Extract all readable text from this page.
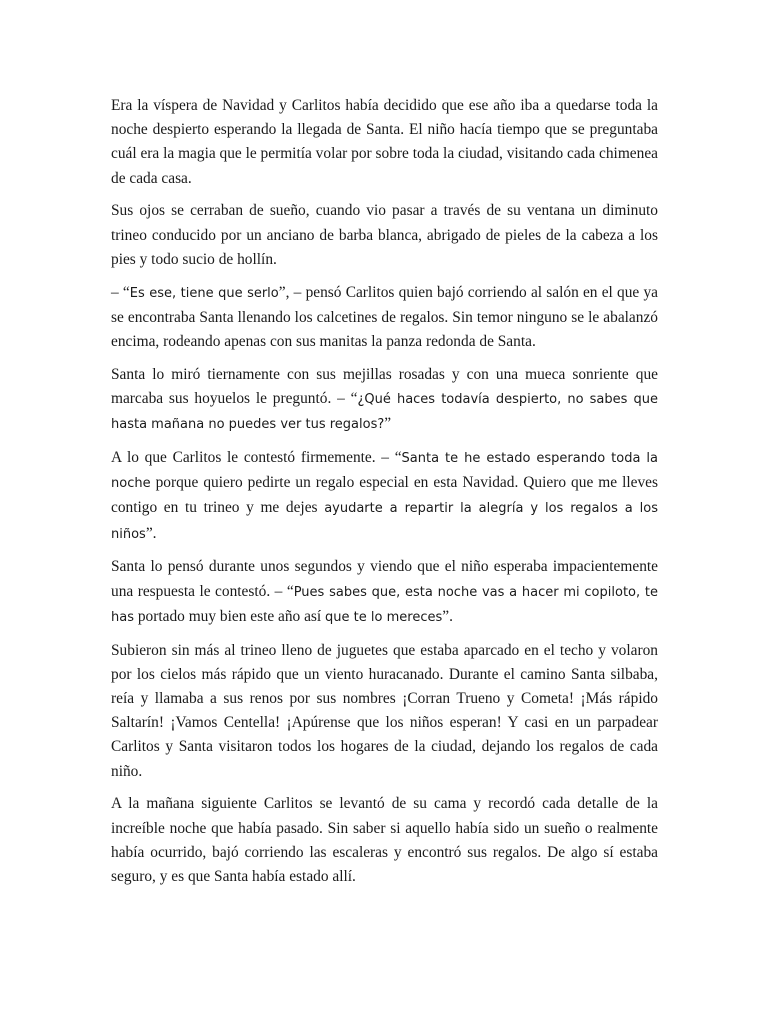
Era la víspera de Navidad y Carlitos había decidido que ese año iba a quedarse toda la noche despierto esperando la llegada de Santa. El niño hacía tiempo que se preguntaba cuál era la magia que le permitía volar por sobre toda la ciudad, visitando cada chimenea de cada casa.

Sus ojos se cerraban de sueño, cuando vio pasar a través de su ventana un diminuto trineo conducido por un anciano de barba blanca, abrigado de pieles de la cabeza a los pies y todo sucio de hollín.

– “Es ese, tiene que serlo”, – pensó Carlitos quien bajó corriendo al salón en el que ya se encontraba Santa llenando los calcetines de regalos. Sin temor ninguno se le abalanzó encima, rodeando apenas con sus manitas la panza redonda de Santa.

Santa lo miró tiernamente con sus mejillas rosadas y con una mueca sonriente que marcaba sus hoyuelos le preguntó. – “¿Qué haces todavía despierto, no sabes que hasta mañana no puedes ver tus regalos?”

A lo que Carlitos le contestó firmemente. – “Santa te he estado esperando toda la noche porque quiero pedirte un regalo especial en esta Navidad. Quiero que me lleves contigo en tu trineo y me dejes ayudarte a repartir la alegría y los regalos a los niños”.

Santa lo pensó durante unos segundos y viendo que el niño esperaba impacientemente una respuesta le contestó. – “Pues sabes que, esta noche vas a hacer mi copiloto, te has portado muy bien este año así que te lo mereces”.

Subieron sin más al trineo lleno de juguetes que estaba aparcado en el techo y volaron por los cielos más rápido que un viento huracanado. Durante el camino Santa silbaba, reía y llamaba a sus renos por sus nombres ¡Corran Trueno y Cometa! ¡Más rápido Saltarín! ¡Vamos Centella! ¡Apúrense que los niños esperan! Y casi en un parpadear Carlitos y Santa visitaron todos los hogares de la ciudad, dejando los regalos de cada niño.

A la mañana siguiente Carlitos se levantó de su cama y recordó cada detalle de la increíble noche que había pasado. Sin saber si aquello había sido un sueño o realmente había ocurrido, bajó corriendo las escaleras y encontró sus regalos. De algo sí estaba seguro, y es que Santa había estado allí.
